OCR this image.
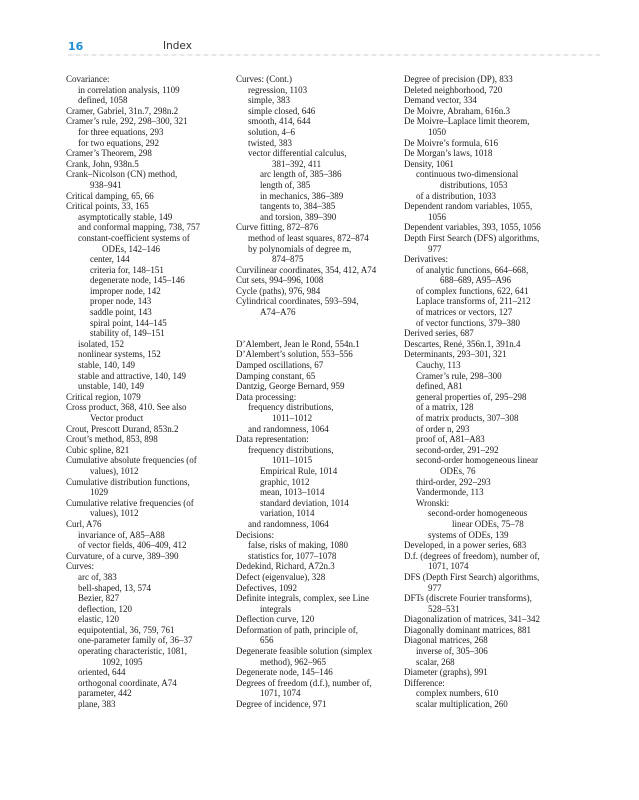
16	Index
Covariance:
in correlation analysis, 1109
defined, 1058
Cramer, Gabriel, 31n.7, 298n.2
Cramer’s rule, 292, 298–300, 321
for three equations, 293
for two equations, 292
Cramer’s Theorem, 298
Crank, John, 938n.5
Crank–Nicolson (CN) method,
938–941
Critical damping, 65, 66
Critical points, 33, 165
asymptotically stable, 149
and conformal mapping, 738, 757
constant-coefficient systems of
ODEs, 142–146
center, 144
criteria for, 148–151
degenerate node, 145–146
improper node, 142
proper node, 143
saddle point, 143
spiral point, 144–145
stability of, 149–151
isolated, 152
nonlinear systems, 152
stable, 140, 149
stable and attractive, 140, 149
unstable, 140, 149
Critical region, 1079
Cross product, 368, 410. See also
Vector product
Crout, Prescott Durand, 853n.2
Crout’s method, 853, 898
Cubic spline, 821
Cumulative absolute frequencies (of
values), 1012
Cumulative distribution functions,
1029
Cumulative relative frequencies (of
values), 1012
Curl, A76
invariance of, A85–A88
of vector fields, 406–409, 412
Curvature, of a curve, 389–390
Curves:
arc of, 383
bell-shaped, 13, 574
Bezier, 827
deflection, 120
elastic, 120
equipotential, 36, 759, 761
one-parameter family of, 36–37
operating characteristic, 1081,
1092, 1095
oriented, 644
orthogonal coordinate, A74
parameter, 442
plane, 383
Curves: (Cont.)
regression, 1103
simple, 383
simple closed, 646
smooth, 414, 644
solution, 4–6
twisted, 383
vector differential calculus,
381–392, 411
arc length of, 385–386
length of, 385
in mechanics, 386–389
tangents to, 384–385
and torsion, 389–390
Curve fitting, 872–876
method of least squares, 872–874
by polynomials of degree m,
874–875
Curvilinear coordinates, 354, 412, A74
Cut sets, 994–996, 1008
Cycle (paths), 976, 984
Cylindrical coordinates, 593–594,
A74–A76
D’Alembert, Jean le Rond, 554n.1
D’Alembert’s solution, 553–556
Damped oscillations, 67
Damping constant, 65
Dantzig, George Bernard, 959
Data processing:
frequency distributions,
1011–1012
and randomness, 1064
Data representation:
frequency distributions,
1011–1015
Empirical Rule, 1014
graphic, 1012
mean, 1013–1014
standard deviation, 1014
variation, 1014
and randomness, 1064
Decisions:
false, risks of making, 1080
statistics for, 1077–1078
Dedekind, Richard, A72n.3
Defect (eigenvalue), 328
Defectives, 1092
Definite integrals, complex, see Line
integrals
Deflection curve, 120
Deformation of path, principle of,
656
Degenerate feasible solution (simplex
method), 962–965
Degenerate node, 145–146
Degrees of freedom (d.f.), number of,
1071, 1074
Degree of incidence, 971
Degree of precision (DP), 833
Deleted neighborhood, 720
Demand vector, 334
De Moivre, Abraham, 616n.3
De Moivre–Laplace limit theorem,
1050
De Moivre’s formula, 616
De Morgan’s laws, 1018
Density, 1061
continuous two-dimensional
distributions, 1053
of a distribution, 1033
Dependent random variables, 1055,
1056
Dependent variables, 393, 1055, 1056
Depth First Search (DFS) algorithms,
977
Derivatives:
of analytic functions, 664–668,
688–689, A95–A96
of complex functions, 622, 641
Laplace transforms of, 211–212
of matrices or vectors, 127
of vector functions, 379–380
Derived series, 687
Descartes, René, 356n.1, 391n.4
Determinants, 293–301, 321
Cauchy, 113
Cramer’s rule, 298–300
defined, A81
general properties of, 295–298
of a matrix, 128
of matrix products, 307–308
of order n, 293
proof of, A81–A83
second-order, 291–292
second-order homogeneous linear
ODEs, 76
third-order, 292–293
Vandermonde, 113
Wronski:
second-order homogeneous
linear ODEs, 75–78
systems of ODEs, 139
Developed, in a power series, 683
D.f. (degrees of freedom), number of,
1071, 1074
DFS (Depth First Search) algorithms,
977
DFTs (discrete Fourier transforms),
528–531
Diagonalization of matrices, 341–342
Diagonally dominant matrices, 881
Diagonal matrices, 268
inverse of, 305–306
scalar, 268
Diameter (graphs), 991
Difference:
complex numbers, 610
scalar multiplication, 260
